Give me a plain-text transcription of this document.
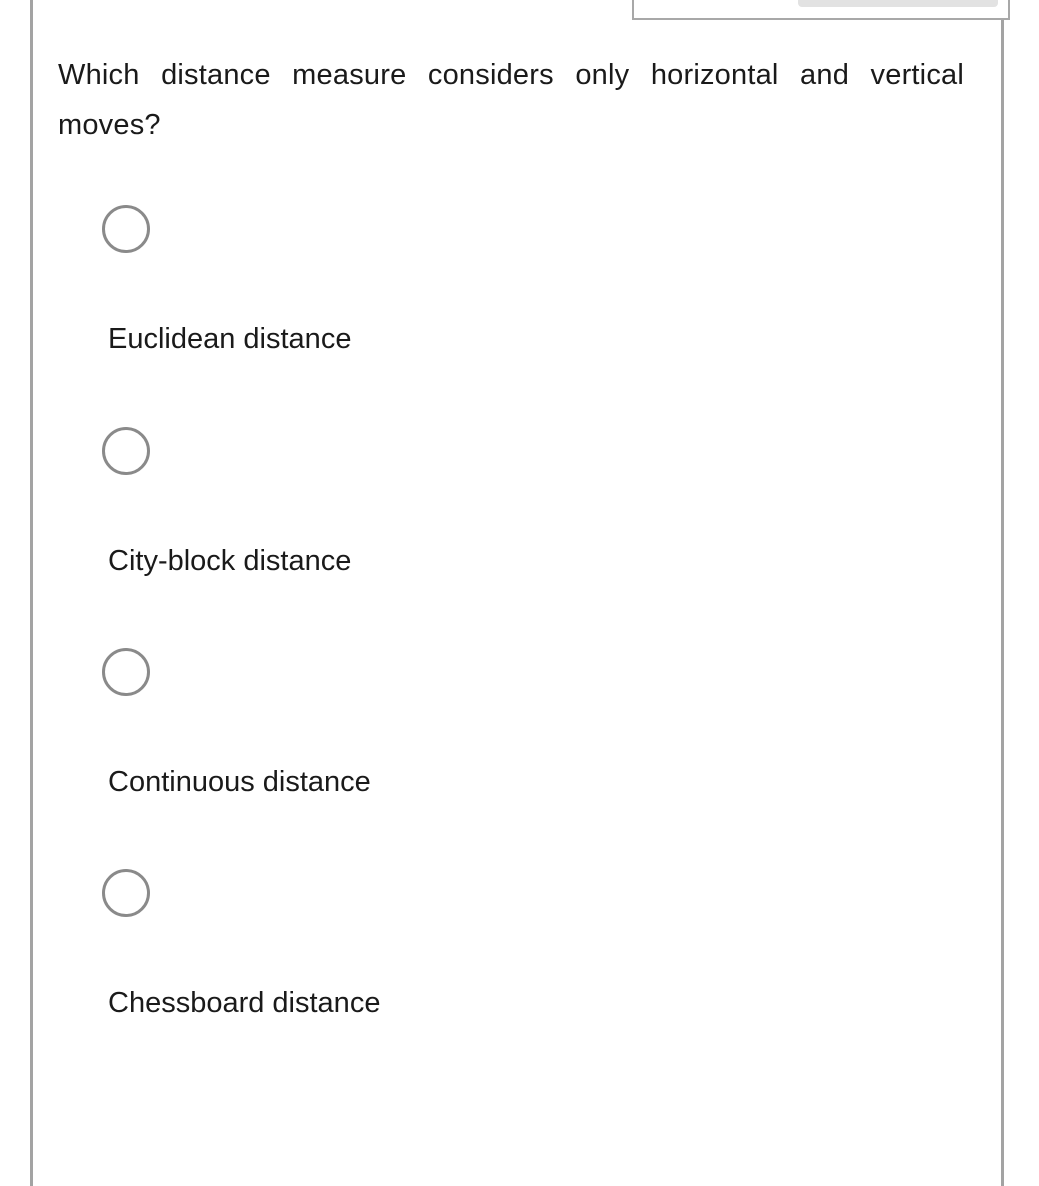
Which distance measure considers only horizontal and vertical moves?
Euclidean distance
City-block distance
Continuous distance
Chessboard distance
